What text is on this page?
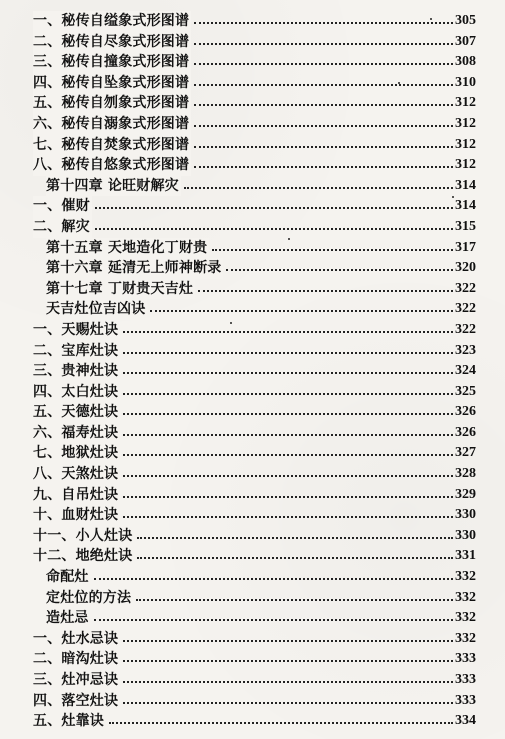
一、秘传自缢象式形图谱	305
二、秘传自尽象式形图谱	307
三、秘传自撞象式形图谱	308
四、秘传自坠象式形图谱	310
五、秘传自刎象式形图谱	312
六、秘传自溺象式形图谱	312
七、秘传自焚象式形图谱	312
八、秘传自悠象式形图谱	312
第十四章 论旺财解灾	314
一、催财	314
二、解灾	315
第十五章 天地造化丁财贵	317
第十六章 延清无上师神断录	320
第十七章 丁财贵天吉灶	322
天吉灶位吉凶诀	322
一、天赐灶诀	322
二、宝库灶诀	323
三、贵神灶诀	324
四、太白灶诀	325
五、天德灶诀	326
六、福寿灶诀	326
七、地狱灶诀	327
八、天煞灶诀	328
九、自吊灶诀	329
十、血财灶诀	330
十一、小人灶诀	330
十二、地绝灶诀	331
命配灶	332
定灶位的方法	332
造灶忌	332
一、灶水忌诀	332
二、暗沟灶诀	333
三、灶冲忌诀	333
四、落空灶诀	333
五、灶靠诀	334
